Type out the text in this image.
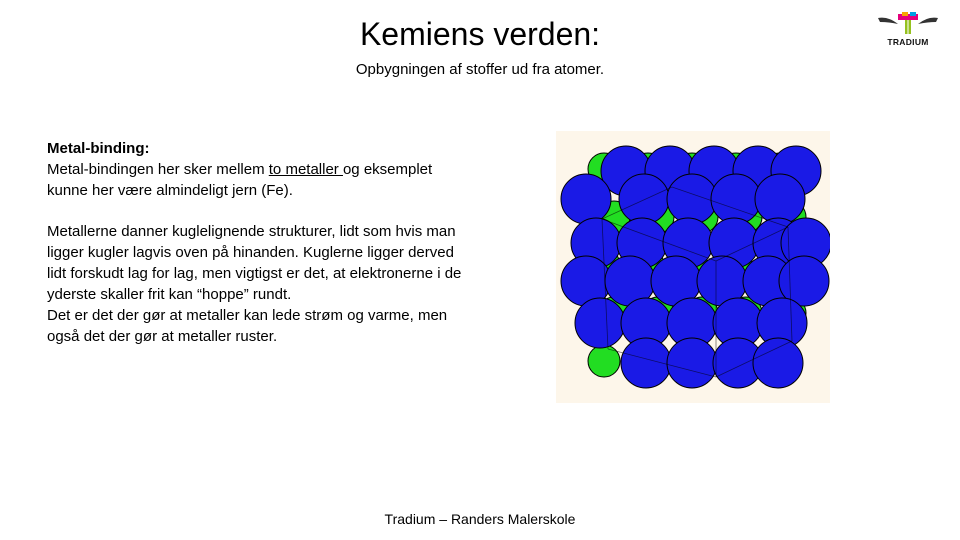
Kemiens verden:
Opbygningen af stoffer ud fra atomer.
TRADIUM

Metal-binding:

Metal-bindingen her sker mellem to metaller og eksemplet kunne her være almindeligt jern (Fe).

Metallerne danner kuglelignende strukturer, lidt som hvis man ligger kugler lagvis oven på hinanden. Kuglerne ligger derved lidt forskudt lag for lag, men vigtigst er det, at elektronerne i de yderste skaller frit kan “hoppe” rundt.

Det er det der gør at metaller kan lede strøm og varme, men også det der gør at metaller ruster.

Tradium – Randers Malerskole
